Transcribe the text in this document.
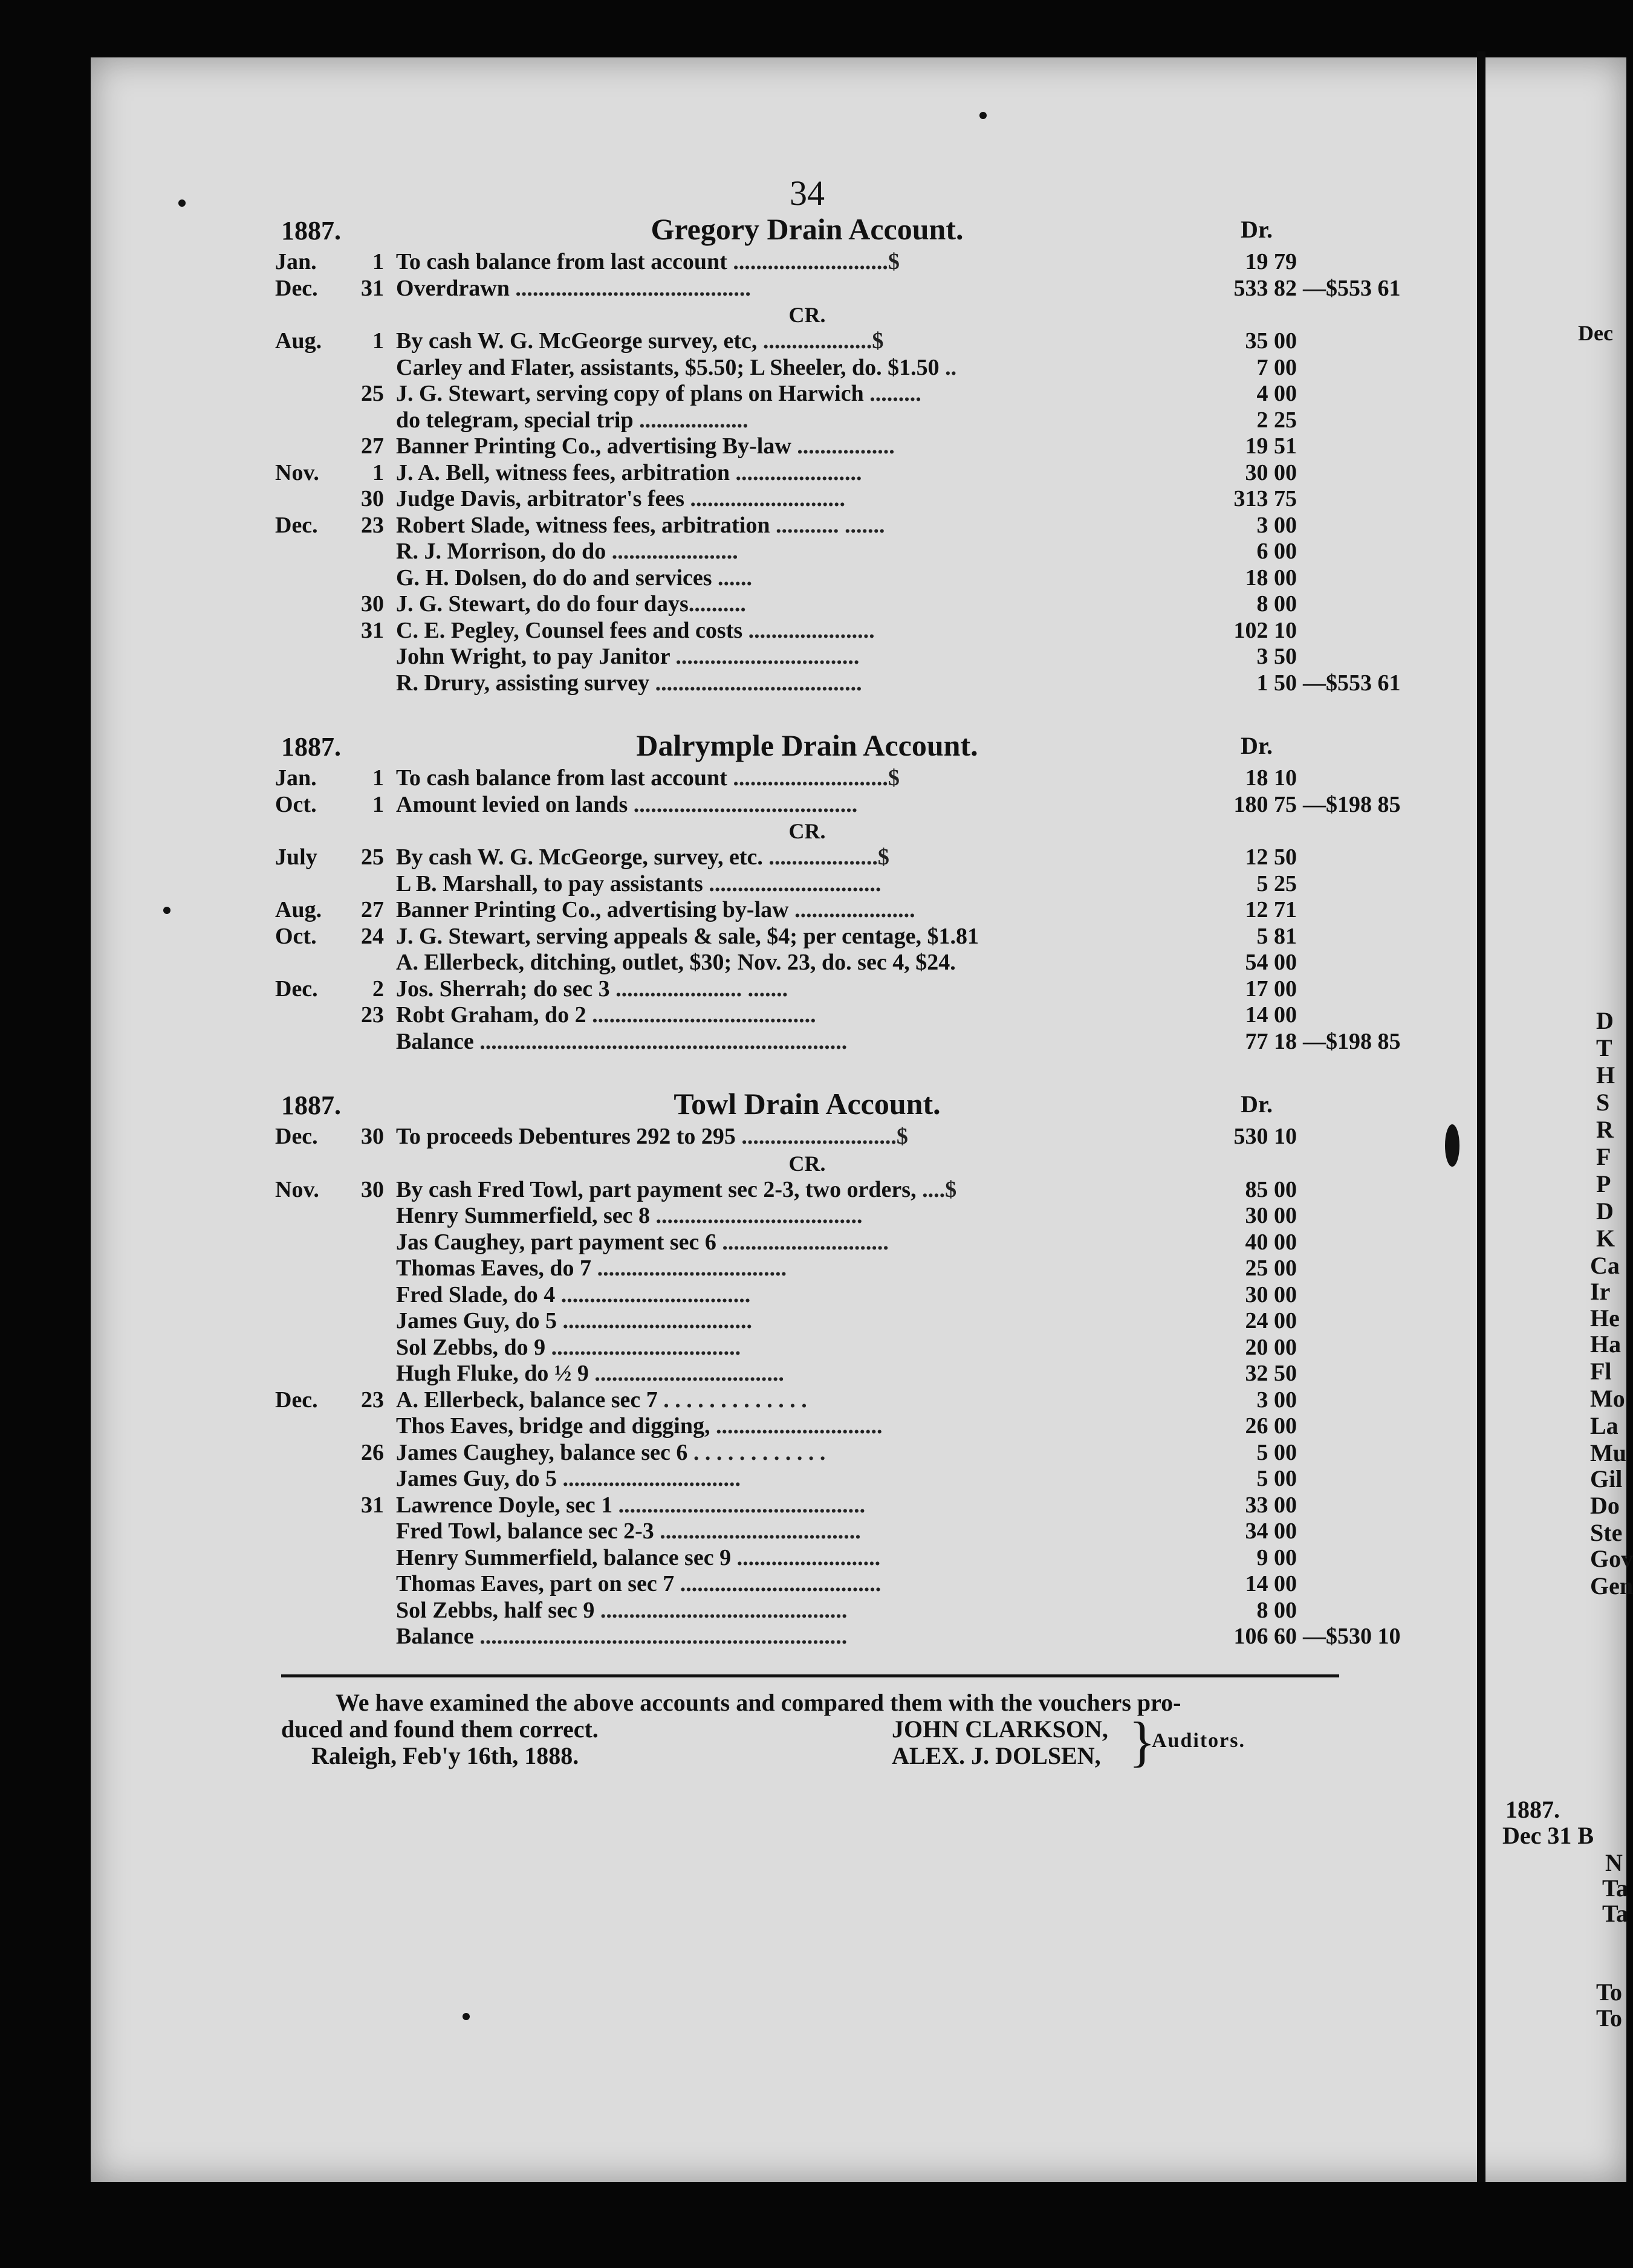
34
1887.	Gregory Drain Account.	Dr.
Jan.	1 To cash balance from last account ...........................$	19 79
Dec.	31 Overdrawn .........................................	533 82 —$553 61
CR.
Aug.	1 By cash W. G. McGeorge survey, etc, ...................$	35 00
Carley and Flater, assistants, $5.50; L Sheeler, do. $1.50 ..	7 00
25 J. G. Stewart, serving copy of plans on Harwich .........	4 00
do telegram, special trip ...................	2 25
27 Banner Printing Co., advertising By-law .................	19 51
Nov.	1 J. A. Bell, witness fees, arbitration ......................	30 00
30 Judge Davis, arbitrator's fees ...........................	313 75
Dec.	23 Robert Slade, witness fees, arbitration ........... .......	3 00
R. J. Morrison, do do ......................	6 00
G. H. Dolsen, do do and services ......	18 00
30 J. G. Stewart, do do four days..........	8 00
31 C. E. Pegley, Counsel fees and costs ......................	102 10
John Wright, to pay Janitor ................................	3 50
R. Drury, assisting survey ....................................	1 50 —$553 61
1887.	Dalrymple Drain Account.	Dr.
Jan.	1 To cash balance from last account ...........................$	18 10
Oct.	1 Amount levied on lands .......................................	180 75 —$198 85
CR.
July	25 By cash W. G. McGeorge, survey, etc. ...................$	12 50
L B. Marshall, to pay assistants ..............................	5 25
Aug.	27 Banner Printing Co., advertising by-law .....................	12 71
Oct.	24 J. G. Stewart, serving appeals & sale, $4; per centage, $1.81	5 81
A. Ellerbeck, ditching, outlet, $30; Nov. 23, do. sec 4, $24.	54 00
Dec.	2 Jos. Sherrah; do sec 3 ...................... .......	17 00
23 Robt Graham, do 2 .......................................	14 00
Balance ................................................................	77 18 —$198 85
1887.	Towl Drain Account.	Dr.
Dec.	30 To proceeds Debentures 292 to 295 ...........................$	530 10
CR.
Nov.	30 By cash Fred Towl, part payment sec 2-3, two orders, ....$	85 00
Henry Summerfield, sec 8 ....................................	30 00
Jas Caughey, part payment sec 6 .............................	40 00
Thomas Eaves, do 7 .................................	25 00
Fred Slade, do 4 .................................	30 00
James Guy, do 5 .................................	24 00
Sol Zebbs, do 9 .................................	20 00
Hugh Fluke, do ½ 9 .................................	32 50
Dec.	23 A. Ellerbeck, balance sec 7 . . . . . . . . . . . . .	3 00
Thos Eaves, bridge and digging, .............................	26 00
26 James Caughey, balance sec 6 . . . . . . . . . . . .	5 00
James Guy, do 5 ...............................	5 00
31 Lawrence Doyle, sec 1 ...........................................	33 00
Fred Towl, balance sec 2-3 ...................................	34 00
Henry Summerfield, balance sec 9 .........................	9 00
Thomas Eaves, part on sec 7 ...................................	14 00
Sol Zebbs, half sec 9 ...........................................	8 00
Balance ................................................................	106 60 —$530 10
We have examined the above accounts and compared them with the vouchers pro-
duced and found them correct.
Raleigh, Feb'y 16th, 1888.
JOHN CLARKSON,
ALEX. J. DOLSEN, }
Auditors.
Dec
1887.
Dec 31 B
N
Ta
Ta
To
To
D
T
H
S
R
F
P
D
K
Ca
Ir
He
Ha
Fl
Mo
La
Mu
Gil
Do
Ste
Gov
Gen
